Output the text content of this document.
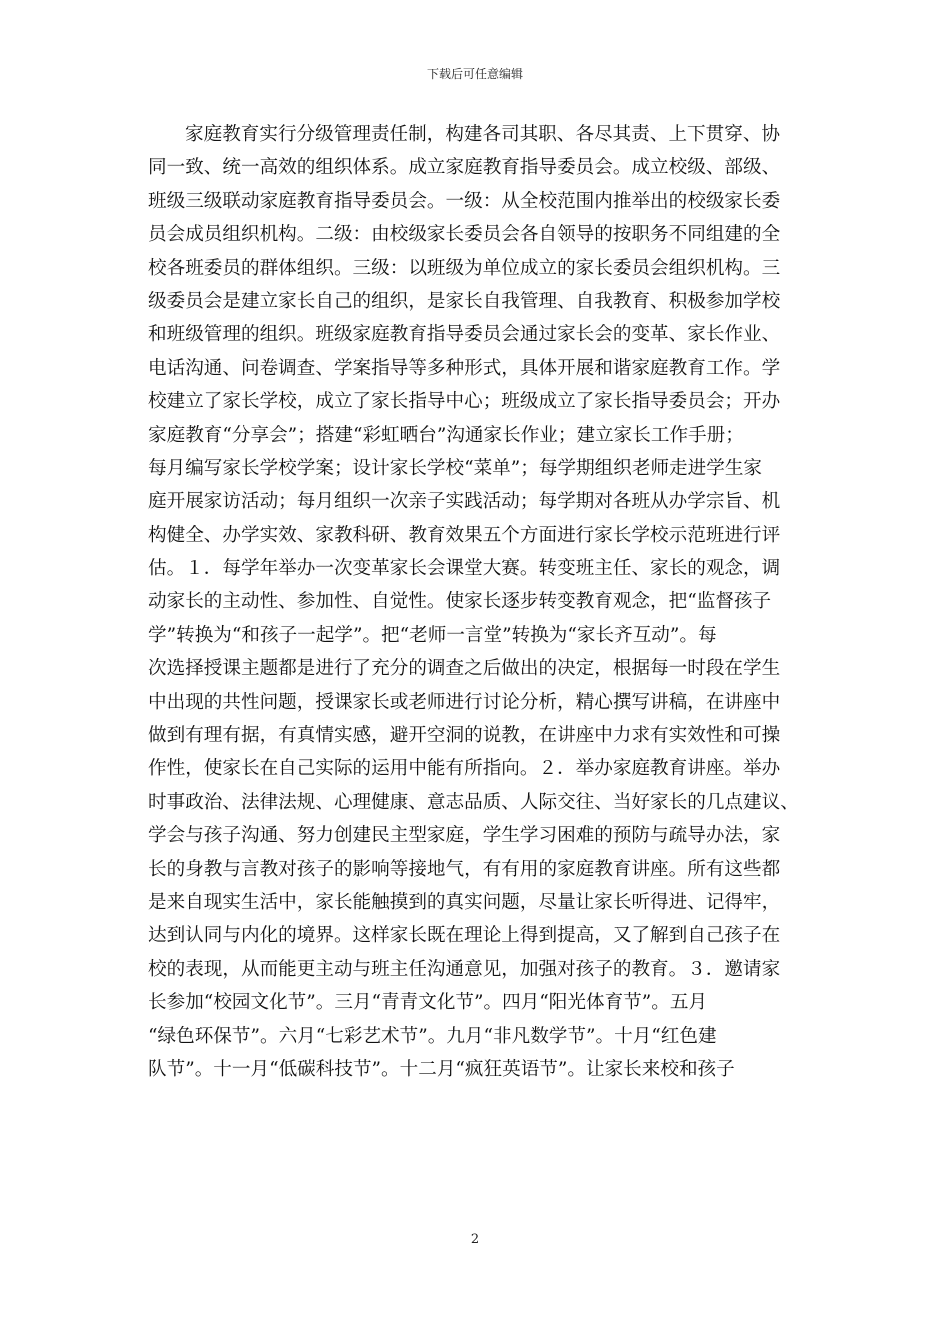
下载后可任意编辑
家庭教育实行分级管理责任制，构建各司其职、各尽其责、上下贯穿、协
同一致、统一高效的组织体系。成立家庭教育指导委员会。成立校级、部级、
班级三级联动家庭教育指导委员会。一级：从全校范围内推举出的校级家长委
员会成员组织机构。二级：由校级家长委员会各自领导的按职务不同组建的全
校各班委员的群体组织。三级：以班级为单位成立的家长委员会组织机构。三
级委员会是建立家长自己的组织，是家长自我管理、自我教育、积极参加学校
和班级管理的组织。班级家庭教育指导委员会通过家长会的变革、家长作业、
电话沟通、问卷调查、学案指导等多种形式，具体开展和谐家庭教育工作。学
校建立了家长学校，成立了家长指导中心；班级成立了家长指导委员会；开办
家庭教育“分享会”；搭建“彩虹晒台”沟通家长作业；建立家长工作手册；
每月编写家长学校学案；设计家长学校“菜单”；每学期组织老师走进学生家
庭开展家访活动；每月组织一次亲子实践活动；每学期对各班从办学宗旨、机
构健全、办学实效、家教科研、教育效果五个方面进行家长学校示范班进行评
估。１．每学年举办一次变革家长会课堂大赛。转变班主任、家长的观念，调
动家长的主动性、参加性、自觉性。使家长逐步转变教育观念，把“监督孩子
学”转换为“和孩子一起学”。把“老师一言堂”转换为“家长齐互动”。每
次选择授课主题都是进行了充分的调查之后做出的决定，根据每一时段在学生
中出现的共性问题，授课家长或老师进行讨论分析，精心撰写讲稿，在讲座中
做到有理有据，有真情实感，避开空洞的说教，在讲座中力求有实效性和可操
作性，使家长在自己实际的运用中能有所指向。２．举办家庭教育讲座。举办
时事政治、法律法规、心理健康、意志品质、人际交往、当好家长的几点建议、
学会与孩子沟通、努力创建民主型家庭，学生学习困难的预防与疏导办法，家
长的身教与言教对孩子的影响等接地气，有有用的家庭教育讲座。所有这些都
是来自现实生活中，家长能触摸到的真实问题，尽量让家长听得进、记得牢，
达到认同与内化的境界。这样家长既在理论上得到提高，又了解到自己孩子在
校的表现，从而能更主动与班主任沟通意见，加强对孩子的教育。３．邀请家
长参加“校园文化节”。三月“青青文化节”。四月“阳光体育节”。五月
“绿色环保节”。六月“七彩艺术节”。九月“非凡数学节”。十月“红色建
队节”。十一月“低碳科技节”。十二月“疯狂英语节”。让家长来校和孩子
2
